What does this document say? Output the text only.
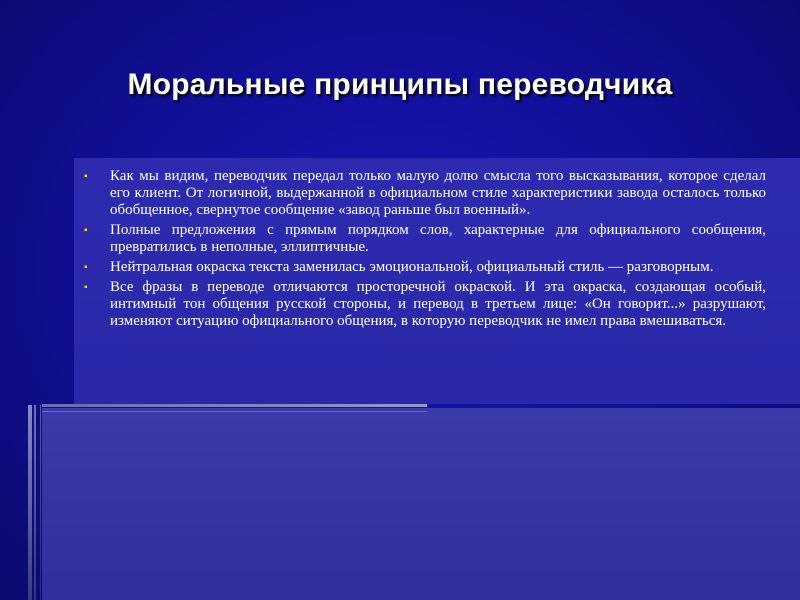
Моральные принципы переводчика
▪ Как мы видим, переводчик передал только малую долю смысла того высказывания, которое сделал его клиент. От логичной, выдержанной в официальном стиле характеристики завода осталось только обобщенное, свернутое сообщение «завод раньше был военный».
▪ Полные предложения с прямым порядком слов, характерные для официального сообщения, превратились в неполные, эллиптичные.
▪ Нейтральная окраска текста заменилась эмоциональной, официальный стиль — разговорным.
▪ Все фразы в переводе отличаются просторечной окраской. И эта окраска, создающая особый, интимный тон общения русской стороны, и перевод в третьем лице: «Он говорит...» разрушают, изменяют ситуацию официального общения, в которую переводчик не имел права вмешиваться.
